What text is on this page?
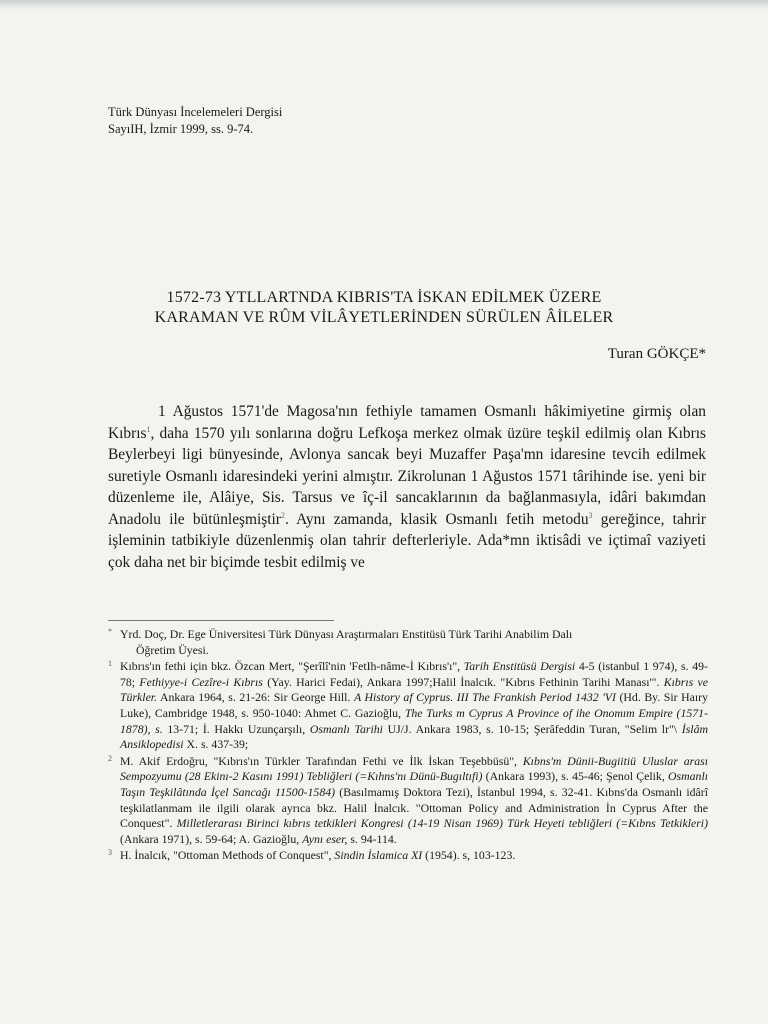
Türk Dünyası İncelemeleri Dergisi
SayıIH, İzmir 1999, ss. 9-74.
1572-73 YTLLARTNDA KIBRIS'TA İSKAN EDİLMEK ÜZERE
KARAMAN VE RÛM VİLÂYETLERİNDEN SÜRÜLEN ÂİLELER
Turan GÖKÇE*

1 Ağustos 1571'de Magosa'nın fethiyle tamamen Osmanlı hâkimiyetine girmiş olan Kıbrıs$^1$, daha 1570 yılı sonlarına doğru Lefkoşa merkez olmak üzüre teşkil edilmiş olan Kıbrıs Beylerbeyi ligi bünyesinde, Avlonya sancak beyi Muzaffer Paşa'mn idaresine tevcih edilmek suretiyle Osmanlı idaresindeki yerini almıştır. Zikrolunan 1 Ağustos 1571 târihinde ise. yeni bir düzenleme ile, Alâiye, Sis. Tarsus ve îç-il sancaklarının da bağlanmasıyla, idâri bakımdan Anadolu ile bütünleşmiştir$^2$. Aynı zamanda, klasik Osmanlı fetih metodu$^3$ gereğince, tahrir işleminin tatbikiyle düzenlenmiş olan tahrir defterleriyle. Ada*mn iktisâdi ve içtimaî vaziyeti çok daha net bir biçimde tesbit edilmiş ve

* Yrd. Doç, Dr. Ege Üniversitesi Türk Dünyası Araştırmaları Enstitüsü Türk Tarihi Anabilim Dalı
Öğretim Üyesi.
1 Kıbrıs'ın fethi için bkz. Özcan Mert, "Şerîlî'nin 'FetIh-nâme-İ Kıbrıs'ı", Tarih Enstitüsü Dergisi 4-5 (istanbul 1 974), s. 49-78; Fethiyye-i Cezîre-i Kıbrıs (Yay. Harici Fedai), Ankara 1997;Halil İnalcık. "Kıbrıs Fethinin Tarihi Manası'". Kıbrıs ve Türkler. Ankara 1964, s. 21-26: Sir George Hill. A History af Cyprus. III The Frankish Period 1432 'VI (Hd. By. Sir Haıry Luke), Cambridge 1948, s. 950-1040: Ahmet C. Gazioğlu, The Turks m Cyprus A Province of ihe Onomım Empire (1571-1878), s. 13-71; İ. Hakkı Uzunçarşılı, Osmanlı Tarihi UJ/J. Ankara 1983, s. 10-15; Şerâfeddin Turan, "Selim lr"\ İslâm Ansiklopedisi X. s. 437-39;
2 M. Akif Erdoğru, "Kıbrıs'ın Türkler Tarafından Fethi ve İlk İskan Teşebbüsü", Kıbns'm Dünii-Bugiitiü Uluslar arası Sempozyumu (28 Ekinı-2 Kasını 1991) Tebliğleri (=Kıhns'nı Dünü-Bugıltıfi) (Ankara 1993), s. 45-46; Şenol Çelik, Osmanlı Taşın Teşkilâtında İçel Sancağı 11500-1584) (Basılmamış Doktora Tezi), İstanbul 1994, s. 32-41. Kıbns'da Osmanlı idârî teşkilatlanmam ile ilgili olarak ayrıca bkz. Halil İnalcık. "Ottoman Policy and Administration İn Cyprus After the Conquest". Milletlerarası Birinci kıbrıs tetkikleri Kongresi (14-19 Nisan 1969) Türk Heyeti tebliğleri (=Kıbns Tetkikleri) (Ankara 1971), s. 59-64; A. Gazioğlu, Aynı eser, s. 94-114.
3 H. İnalcık, "Ottoman Methods of Conquest", Sindin İslamica XI (1954). s, 103-123.
